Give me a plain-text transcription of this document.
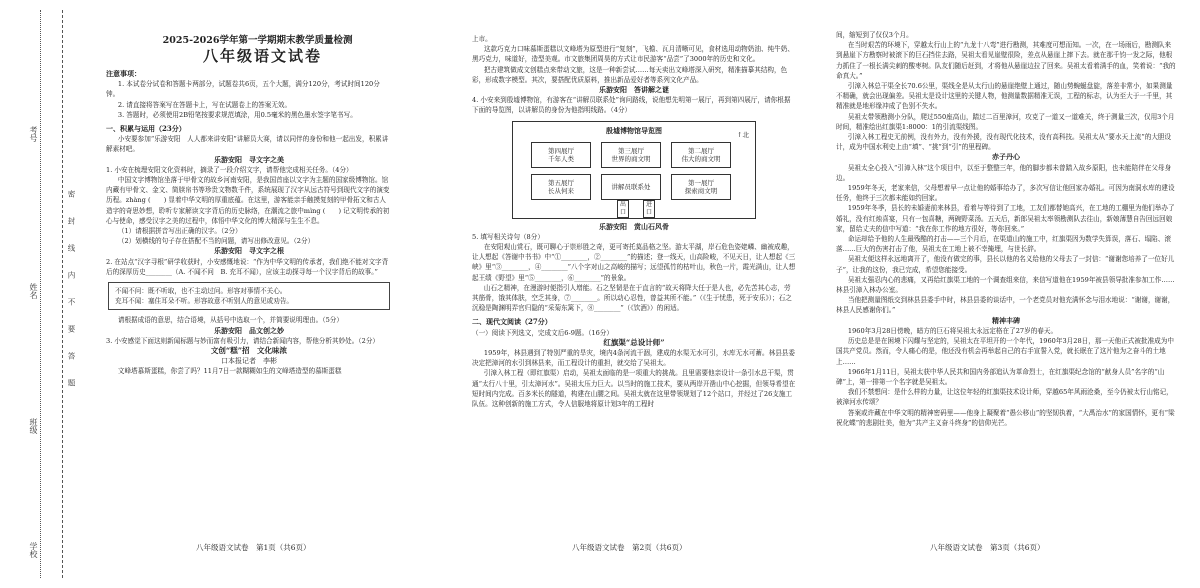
考号
姓名
班级
学校
密　封　线　内　不　要　答　题

2025-2026学年第一学期期末教学质量检测

八年级语文试卷

注意事项：

1. 本试卷分试卷和答题卡两部分，试题卷共6页，五个大题，满分120分，考试时间120分钟。

2. 请直接将答案写在答题卡上，写在试题卷上的答案无效。

3. 答题时，必须使用2B铅笔按要求规范填涂，用0.5毫米的黑色墨水签字笔书写。

一、积累与运用（23分）

小安要参加“乐游安阳　人人都来讲安阳”讲解员大赛，请以同伴的身份和他一起出发，积累讲解素材吧。

乐游安阳　寻文字之美

1. 小安在梳理安阳文化资料时，摘录了一段介绍文字，请帮他完成相关任务。（4分）

中国文字博物馆坐落于甲骨文的故乡河南安阳，是我国首座以文字为主题的国家级博物馆。馆内藏有甲骨文、金文、简牍帛书等珍贵文物数千件，系统展现了汉字从远古符号到现代文字的演变历程。zhàng (　　) 显着中华文明的厚重底蕴。在这里，游客能亲手触摸复刻的甲骨拓文和古人造字的奇思妙想，聆听专家解读文字背后的历史脉络，在潮流之旅中mìng (　　) 记文明传承的初心与使命，感受汉字之美的过程中，体悟中华文化的博大精深与生生不息。

（1）请根据拼音写出正确的汉字。（2分）

（2）划横线的句子存在搭配不当的问题，请写出修改意见。（2分）

乐游安阳　寻文字之根

2. 在站点“汉字寻根”研学收获时，小安感慨地说：“作为中华文明的传承者，我们绝不能对文字背后的深厚历史________（A. 不闻不问　B. 充耳不闻），应该主动探寻每一个汉字背后的故事。”

不闻不问：既不听取，也不主动过问。形容对事情不关心。

充耳不闻：塞住耳朵不听。形容故意不听别人的意见或劝告。

请根据成语的意思，结合语境，从括号中选取一个，并简要说明理由。（5分）

乐游安阳　品文创之妙

3. 小安感觉下面这则新闻标题与妙而富有吸引力，请结合新闻内容，帮他分析其妙处。（2分）

文创“糕”招　文化味浓

口本报记者　李彬

文峰塔慕斯蛋糕，你尝了吗？11月7日一款糊糊如生的文峰塔造型的慕斯蛋糕

八年级语文试卷　第1页（共6页）

上市。

这款巧克力口味慕斯蛋糕以文峰塔为原型进行“复刻”，飞檐、瓦月清晰可见，食材选用动物奶油、纯牛奶、黑巧克力，味道好，造型美观。市文旅集团周昊的方式让市民游客“品尝”了3000年的历史和文化。

把古建筑做成文创糕点来带动文旅，这是一种新尝试……每天卖出文峰塔深入研究，精准描摹其结构，色彩，形成数字模型。其次，要搭配优质原料，推出新品爱好者等系列文化产品。

乐游安阳　答讲解之谜

4. 小安来到殷墟博物馆，有游客在“讲解员联系处”询问路线，说他想先明第一展厅，再到第四展厅，请你根据下面的导览图，以讲解员的身份为他指明线路。（4分）

殷墟博物馆导览图	↑北
第四展厅
千年人类
第三展厅
世界的商文明
第二展厅
伟大的商文明
第五展厅
长从何来	讲解员联系处	第一展厅
探索商文明
出口
进口

乐游安阳　赏山石风骨

5. 填写相关诗句（8分）

在安阳观山赏石，既可聊心于崇形胜之奇，更可寄托莫品格之坚。游太平湖，岸石危色姿姥嶙、幽被成趣，让人想起《答谢中书书》中“①________，②________”的描述；登一线天，山高险峻，不见天日，让人想起《三峡》里“③________，④________”八个字对山之高峻的描写；远望孤竹的枯叶山，秋色一片，霞光满山，让人想起王绩《野望》里“⑤________，⑥________”的景象。

山石之精神，在漫游时便指引人增能。石之坚韧是在于直言的“故天将降大任于是人也，必先苦其心志，劳其筋骨，饿其体肤，空乏其身，⑦________。所以动心忍性，曾益其所不能。”（《生于忧患，死于安乐》）；石之沉稳是陶渊明弄官归隐的“采菊东篱下，⑧________”（《饮酒》）的闲适。

二、现代文阅读（27分）

（一）阅读下列选文，完成文后6-9题。（16分）

红旗渠“总设计师”

1959年，林县遇到了特别严重的旱灾，境内4条河流干涸，建成的水渠无水可引，水库无水可蓄。林县县委决定把漳河的水引到林县来，而工程设计的重担，就交给了吴祖太。

引漳入林工程（即红旗渠）启动，吴祖太面临的是一项重大的挑战。且里需要他亲设计一条引水总干渠，贯通“太行八十里，引太漳河水”。吴祖太压力巨大。以当时的施工技术，要从两岸开凿山中心挖掘，但领导希望在短时间内完成。百多米长的隧道，构建在山腰之间。吴祖太就在这里带领规划了12个站口，并经过了26支施工队伍。这种创新的施工方式，令人信服地将原计划3年的工程时

八年级语文试卷　第2页（共6页）

间，缩短到了仅仅3个月。

在当时艰苦的环境下，穿越太行山上的“九龙十八弯”进行勘测，其难度可想而知。一次，在一场雨后，勘测队来到悬崖下方勘察时被滚下的巨石挡住去路，吴祖太看见崖壁很险，差点从悬崖上摔下去。就在那千钧一发之际，他根力抓住了一根长满尖刺的酸枣树。队友们随后赶到，才将他从悬崖边拉了回来。吴祖太看着满手的血，笑着说：“我的命真大。”

引漳入林总干渠全长70.6公里，渠线全是从太行山的悬崖绝壁上通过，随山势蜿蜒盘旋，落差非常小，如果测量不精确，就会出现偏差。吴祖太是设计这里的关键人物，他测量数据精准无误，工程的标志，认为至大于一千里，其精准就是地形缘冲成了色别不失水。

吴祖太带领勘测小分队，爬过550座高山，踏过二百里漳河，攻克了一道又一道难关，终于测量三次，仅用3个月时间，精准绘出红旗渠1:8000：1的引流渠线图。

引漳入林工程史无前例，没有外力，没有外援，没有现代化技术，没有高科技。吴祖太从“要水天上流”的大胆设计，成为中国水利史上由“填”、“挑”到“引”的里程碑。

赤子丹心

吴祖太全心投入“引漳入林”这个项目中，以至于整整三年，他的脚步都未曾踏入故乡原阳，也未能陪伴在父母身边。

1959年冬天，老家来信，父母想着早一点让他的婚事给办了，多次写信让他回家办婚礼。可因为南洞水库的建设任务，他终于三次都未能如约回家。

1959年冬季，县长的未婚妻前来林县，看着与等待到了工地，工友们都替她高兴，在工地的工棚里为他们举办了婚礼，没有红烛喜宴，只有一包喜糖，两碗野菜汤。五天后，新郎吴祖太率领勘测队去往山，新娘薄慧自告回远回娘家，留给丈夫的信中写道：“我在你工作的地方很好，等你回来。”

命运却给予他的人生最残酷的打击——三个月后，在渠道山的施工中，红旗渠因为数学失算误，落石、塌陷、滚落……巨大的伤害打击了他，吴祖太在工地上被不幸掩埋，与世长辞。

吴祖太便这样永远地离开了，他没有做完的事，县长以他的名义给他的父母去了一封信：“谢谢您培养了一位好儿子”，让我的这份，我已完成，希望您能接受。

吴祖太强忍内心的悲痛，又再给红旗渠工地的一个调查组来信，来信写道他在1959年被县领导批准参加工作……林县引漳入林办公室。

当他把测量图纸交到林县县委手中时，林县县委的谈话中，一个老党员对他充满怀念与泪水地说：“谢谢，谢谢，林县人民感谢你们。”

精神丰碑

1960年3月28日傍晚，暗方的巨石将吴祖太永远定格在了27岁的春天。

历史总是是在困境下闪耀与坚定的，吴祖太在平坦开的一个年代，1960年3月28日，那一天他正式被批准成为中国共产党员。然而，令人痛心的是，他还没有机会再举起自己的右手宣誓入党，就长眠在了这片他为之奋斗的土地上……

1966年1月11日，吴祖太获中华人民共和国内务部追认为革命烈士，在红旗渠纪念馆的“献身人员”名字的“山碑”上，第一排第一个名字就是吴祖太。

我们不禁想问：是什么样的力量，让这位年轻的红旗渠技术设计师，穿越65年风雨沧桑，至今仍被太行山铭记，被漳河水传颂？

答案或许藏在中华文明的精神密码里——他身上凝聚着“愚公移山”的坚韧执着，“大禹治水”的家国情怀，更有“梁祝化蝶”的悲剧壮美，他为“共产主义奋斗终身”的信仰光芒。

八年级语文试卷　第3页（共6页）
